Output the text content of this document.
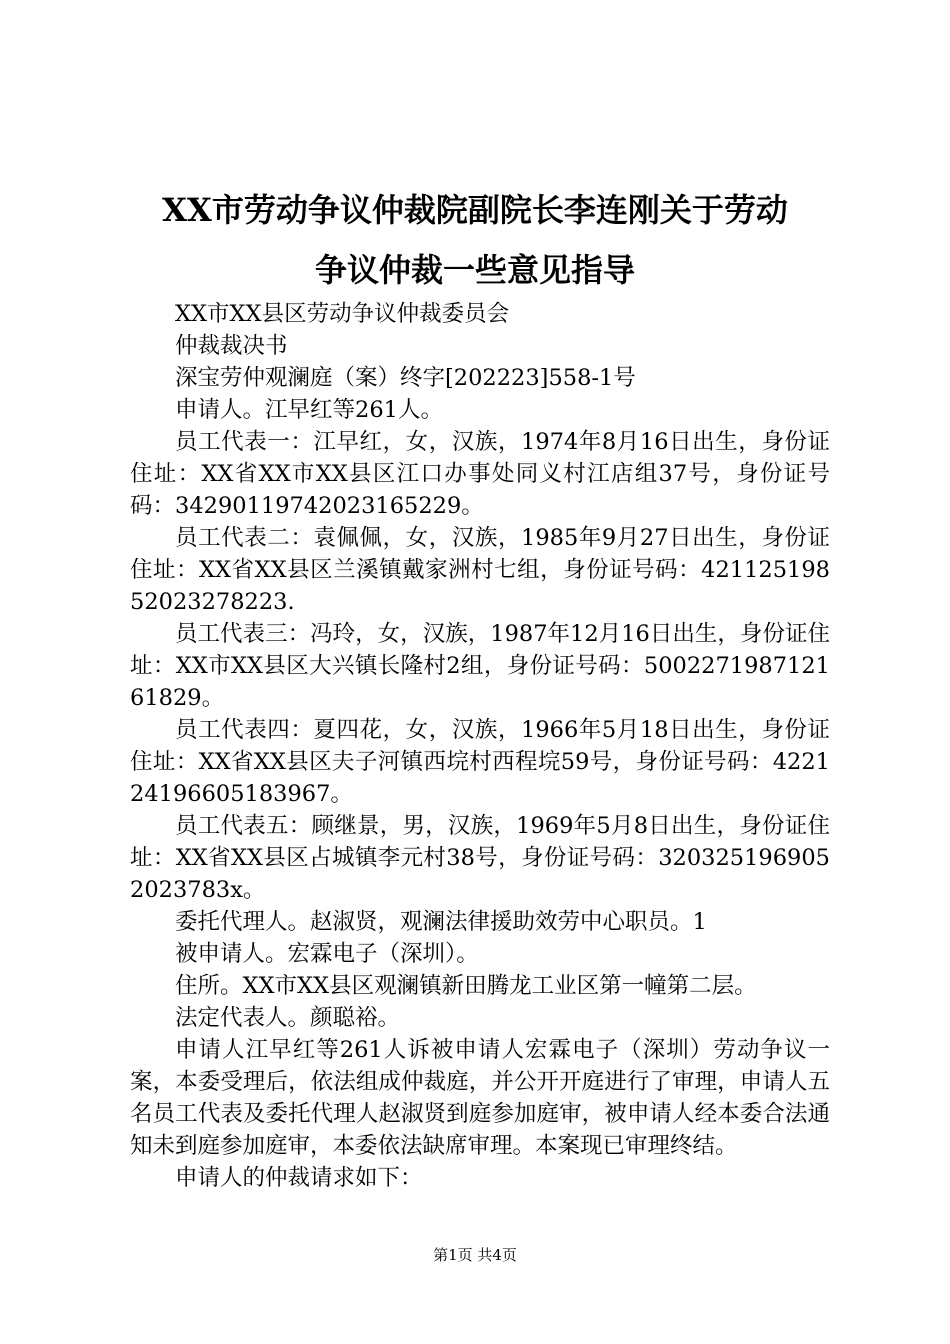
XX市劳动争议仲裁院副院长李连刚关于劳动
争议仲裁一些意见指导

XX市XX县区劳动争议仲裁委员会

仲裁裁决书

深宝劳仲观澜庭（案）终字[202223]558-1号

申请人。江早红等261人。

员工代表一：江早红，女，汉族，1974年8月16日出生，身份证住址：XX省XX市XX县区江口办事处同义村江店组37号，身份证号码：34290119742023165229。

员工代表二：袁佩佩，女，汉族，1985年9月27日出生，身份证住址：XX省XX县区兰溪镇戴家洲村七组，身份证号码：42112519852023278223.

员工代表三：冯玲，女，汉族，1987年12月16日出生，身份证住址：XX市XX县区大兴镇长隆村2组，身份证号码：500227198712161829。

员工代表四：夏四花，女，汉族，1966年5月18日出生，身份证住址：XX省XX县区夫子河镇西垸村西程垸59号，身份证号码：422124196605183967。

员工代表五：顾继景，男，汉族，1969年5月8日出生，身份证住址：XX省XX县区占城镇李元村38号，身份证号码：3203251969052023783x。

委托代理人。赵淑贤，观澜法律援助效劳中心职员。1

被申请人。宏霖电子（深圳）。

住所。XX市XX县区观澜镇新田腾龙工业区第一幢第二层。

法定代表人。颜聪裕。

申请人江早红等261人诉被申请人宏霖电子（深圳）劳动争议一案，本委受理后，依法组成仲裁庭，并公开开庭进行了审理，申请人五名员工代表及委托代理人赵淑贤到庭参加庭审，被申请人经本委合法通知未到庭参加庭审，本委依法缺席审理。本案现已审理终结。

申请人的仲裁请求如下：

第1页 共4页
